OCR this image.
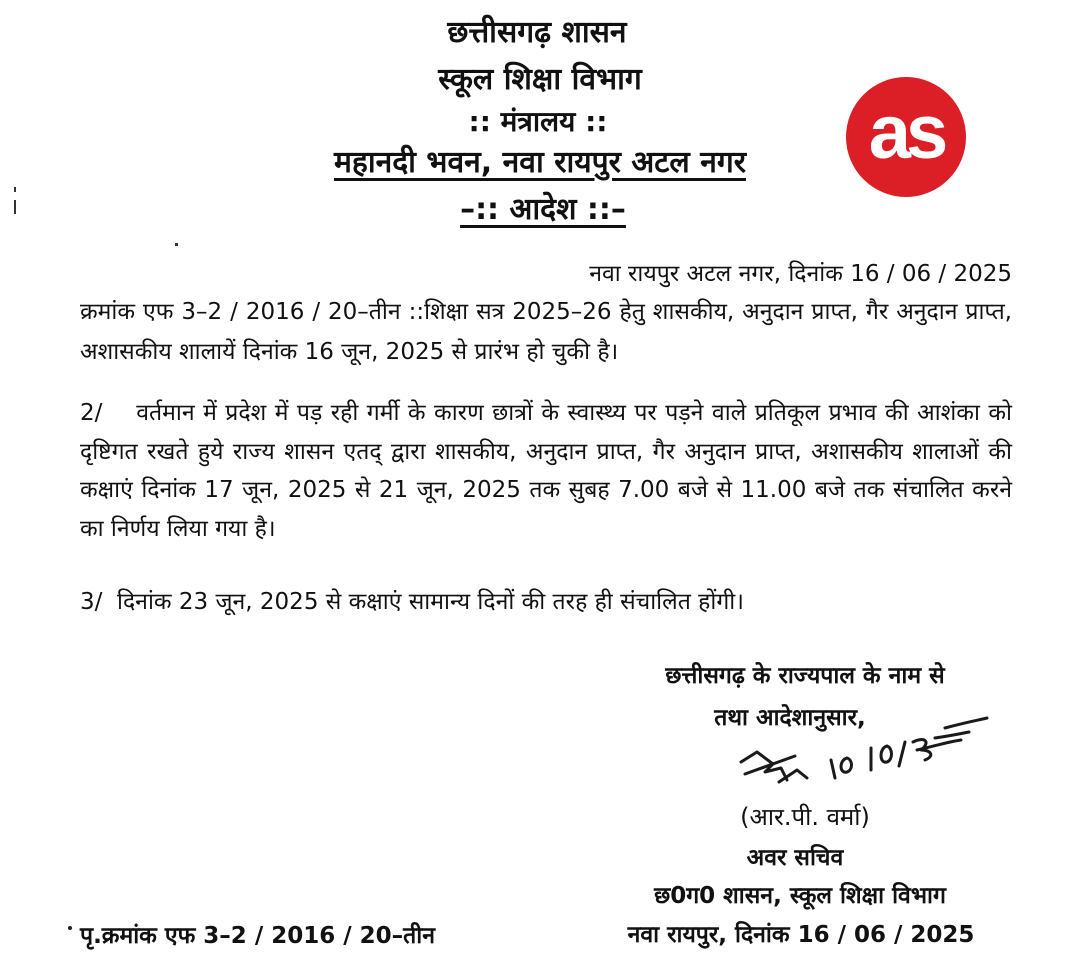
छत्तीसगढ़ शासन
स्कूल शिक्षा विभाग
:: मंत्रालय ::
महानदी भवन, नवा रायपुर अटल नगर
–:: आदेश ::–
as
नवा रायपुर अटल नगर, दिनांक 16 / 06 / 2025
क्रमांक एफ 3–2 / 2016 / 20–तीन ::शिक्षा सत्र 2025–26 हेतु शासकीय, अनुदान प्राप्त, गैर अनुदान प्राप्त, अशासकीय शालायें दिनांक 16 जून, 2025 से प्रारंभ हो चुकी है।
2/ वर्तमान में प्रदेश में पड़ रही गर्मी के कारण छात्रों के स्वास्थ्य पर पड़ने वाले प्रतिकूल प्रभाव की आशंका को दृष्टिगत रखते हुये राज्य शासन एतद् द्वारा शासकीय, अनुदान प्राप्त, गैर अनुदान प्राप्त, अशासकीय शालाओं की कक्षाएं दिनांक 17 जून, 2025 से 21 जून, 2025 तक सुबह 7.00 बजे से 11.00 बजे तक संचालित करने का निर्णय लिया गया है।
3/ दिनांक 23 जून, 2025 से कक्षाएं सामान्य दिनों की तरह ही संचालित होंगी।
छत्तीसगढ़ के राज्यपाल के नाम से
तथा आदेशानुसार,
(आर.पी. वर्मा)
अवर सचिव
छ0ग0 शासन, स्कूल शिक्षा विभाग
नवा रायपुर, दिनांक 16 / 06 / 2025
पृ.क्रमांक एफ 3–2 / 2016 / 20–तीन
